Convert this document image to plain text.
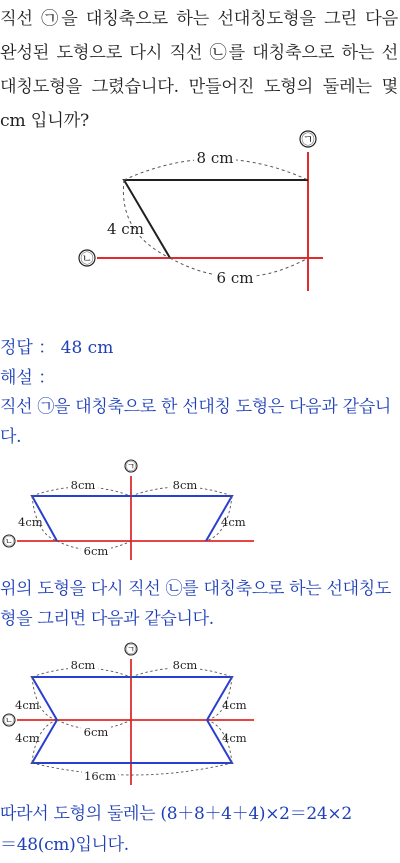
직선 ㉠을 대칭축으로 하는 선대칭도형을 그린 다음 완성된 도형으로 다시 직선 ㉡를 대칭축으로 하는 선대칭도형을 그렸습니다. 만들어진 도형의 둘레는 몇 cm 입니까?
㉠
㉡
8 cm
4 cm
6 cm
정답 ： 48 cm
해설 ：
직선 ㉠을 대칭축으로 한 선대칭 도형은 다음과 같습니다.
㉠
㉡
8cm	8cm
4cm	4cm
6cm
위의 도형을 다시 직선 ㉡를 대칭축으로 하는 선대칭도형을 그리면 다음과 같습니다.
㉠
㉡
8cm	8cm
4cm	4cm
4cm	4cm
6cm
16cm
따라서 도형의 둘레는 (8＋8＋4＋4)×2＝24×2
＝48(cm)입니다.
